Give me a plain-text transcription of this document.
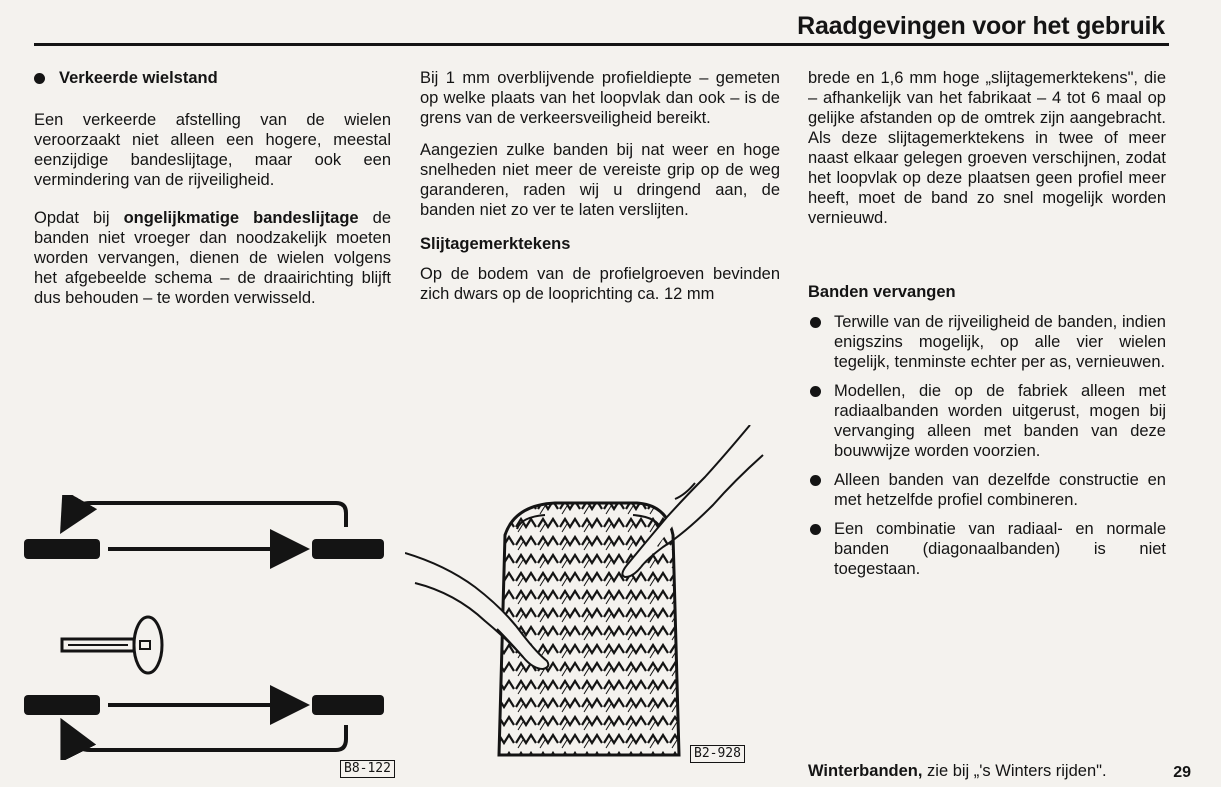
Raadgevingen voor het gebruik
Verkeerde wielstand

Een verkeerde afstelling van de wielen veroorzaakt niet alleen een hogere, meestal eenzijdige bandeslijtage, maar ook een vermindering van de rijveiligheid.

Opdat bij ongelijkmatige bandeslijtage de banden niet vroeger dan noodzakelijk moeten worden vervangen, dienen de wielen volgens het afgebeelde schema – de draairichting blijft dus behouden – te worden verwisseld.

Bij 1 mm overblijvende profieldiepte – gemeten op welke plaats van het loopvlak dan ook – is de grens van de verkeersveiligheid bereikt.

Aangezien zulke banden bij nat weer en hoge snelheden niet meer de vereiste grip op de weg garanderen, raden wij u dringend aan, de banden niet zo ver te laten verslijten.

Slijtagemerktekens

Op de bodem van de profielgroeven bevinden zich dwars op de looprichting ca. 12 mm

brede en 1,6 mm hoge „slijtagemerktekens", die – afhankelijk van het fabrikaat – 4 tot 6 maal op gelijke afstanden op de omtrek zijn aangebracht. Als deze slijtagemerktekens in twee of meer naast elkaar gelegen groeven verschijnen, zodat het loopvlak op deze plaatsen geen profiel meer heeft, moet de band zo snel mogelijk worden vernieuwd.

Banden vervangen
Terwille van de rijveiligheid de banden, indien enigszins mogelijk, op alle vier wielen tegelijk, tenminste echter per as, vernieuwen.
Modellen, die op de fabriek alleen met radiaalbanden worden uitgerust, mogen bij vervanging alleen met banden van deze bouwwijze worden voorzien.
Alleen banden van dezelfde constructie en met hetzelfde profiel combineren.
Een combinatie van radiaal- en normale banden (diagonaalbanden) is niet toegestaan.
B8-122
B2-928
Winterbanden, zie bij „'s Winters rijden".	29
